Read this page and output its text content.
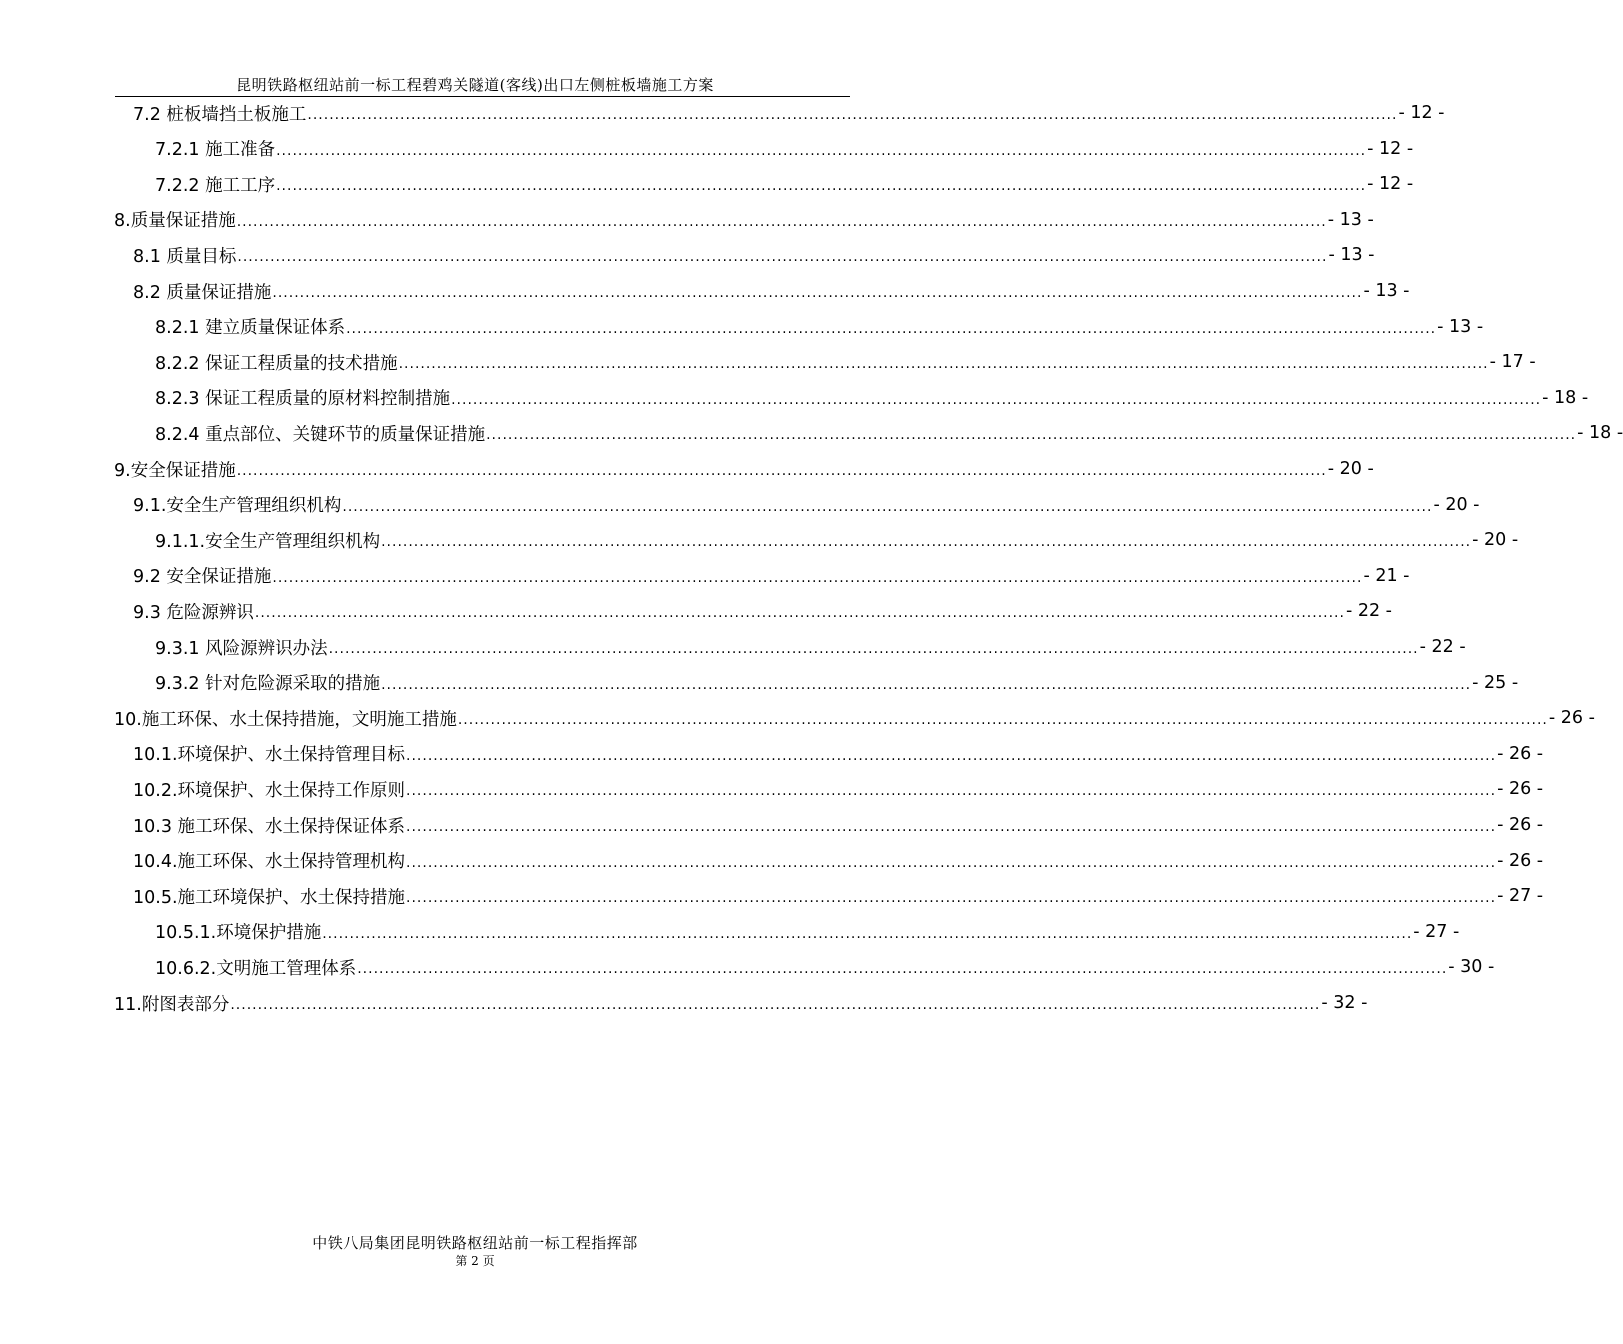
昆明铁路枢纽站前一标工程碧鸡关隧道(客线)出口左侧桩板墙施工方案
7.2 桩板墙挡土板施工 ........................................................................................................................................................................................................ - 12 -
7.2.1 施工准备 ........................................................................................................................................................................................................ - 12 -
7.2.2 施工工序 ........................................................................................................................................................................................................ - 12 -
8.质量保证措施 ........................................................................................................................................................................................................ - 13 -
8.1 质量目标 ........................................................................................................................................................................................................ - 13 -
8.2 质量保证措施 ........................................................................................................................................................................................................ - 13 -
8.2.1 建立质量保证体系 ........................................................................................................................................................................................................ - 13 -
8.2.2 保证工程质量的技术措施 ........................................................................................................................................................................................................ - 17 -
8.2.3 保证工程质量的原材料控制措施 ........................................................................................................................................................................................................ - 18 -
8.2.4 重点部位、关键环节的质量保证措施 ........................................................................................................................................................................................................ - 18 -
9.安全保证措施 ........................................................................................................................................................................................................ - 20 -
9.1.安全生产管理组织机构 ........................................................................................................................................................................................................ - 20 -
9.1.1.安全生产管理组织机构 ........................................................................................................................................................................................................ - 20 -
9.2 安全保证措施 ........................................................................................................................................................................................................ - 21 -
9.3 危险源辨识 ........................................................................................................................................................................................................ - 22 -
9.3.1 风险源辨识办法 ........................................................................................................................................................................................................ - 22 -
9.3.2 针对危险源采取的措施 ........................................................................................................................................................................................................ - 25 -
10.施工环保、水土保持措施，文明施工措施 ........................................................................................................................................................................................................ - 26 -
10.1.环境保护、水土保持管理目标 ........................................................................................................................................................................................................ - 26 -
10.2.环境保护、水土保持工作原则 ........................................................................................................................................................................................................ - 26 -
10.3 施工环保、水土保持保证体系 ........................................................................................................................................................................................................ - 26 -
10.4.施工环保、水土保持管理机构 ........................................................................................................................................................................................................ - 26 -
10.5.施工环境保护、水土保持措施 ........................................................................................................................................................................................................ - 27 -
10.5.1.环境保护措施 ........................................................................................................................................................................................................ - 27 -
10.6.2.文明施工管理体系 ........................................................................................................................................................................................................ - 30 -
11.附图表部分 ........................................................................................................................................................................................................ - 32 -
中铁八局集团昆明铁路枢纽站前一标工程指挥部
第 2 页
